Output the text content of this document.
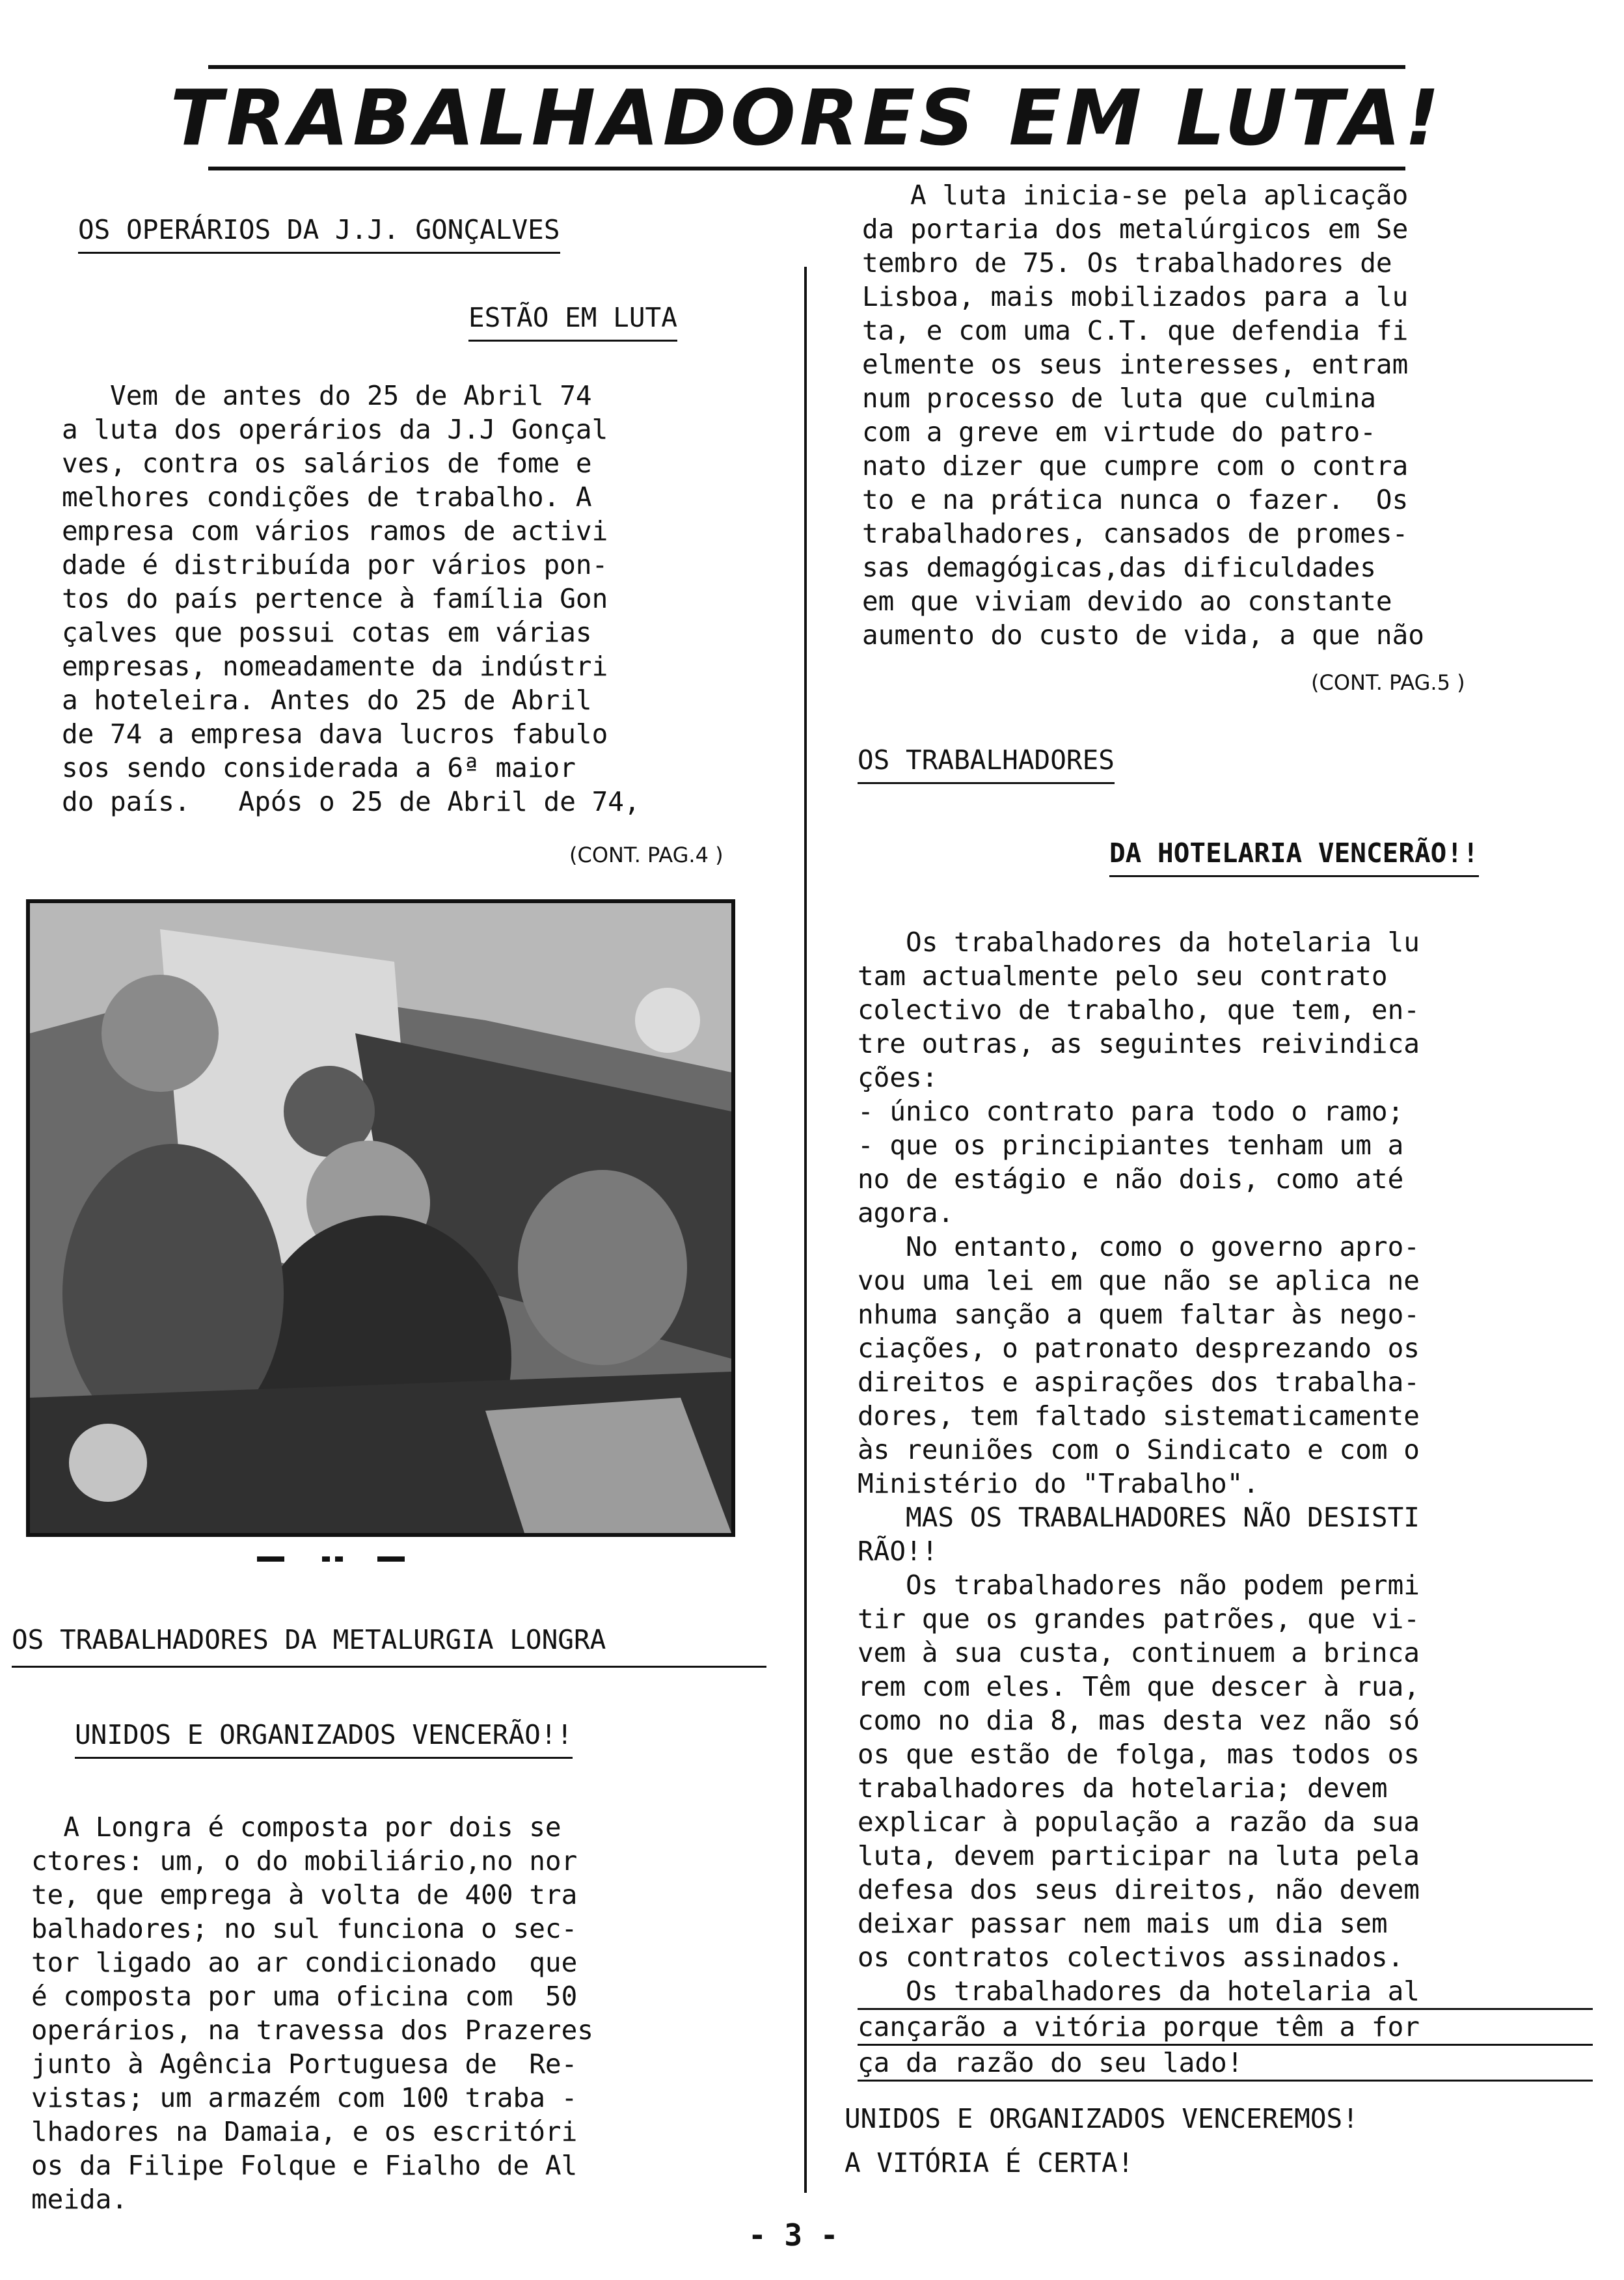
TRABALHADORES EM LUTA!
OS OPERÁRIOS DA J.J. GONÇALVES
ESTÃO EM LUTA

Vem de antes do 25 de Abril 74
a luta dos operários da J.J Gonçal
ves, contra os salários de fome e
melhores condições de trabalho. A
empresa com vários ramos de activi
dade é distribuída por vários pon-
tos do país pertence à família Gon
çalves que possui cotas em várias
empresas, nomeadamente da indústri
a hoteleira. Antes do 25 de Abril
de 74 a empresa dava lucros fabulo
sos sendo considerada a 6ª maior
do país.   Após o 25 de Abril de 74,

(CONT. PAG.4 )
OS TRABALHADORES DA METALURGIA LONGRA
UNIDOS E ORGANIZADOS VENCERÃO!!

A Longra é composta por dois se
ctores: um, o do mobiliário,no nor
te, que emprega à volta de 400 tra
balhadores; no sul funciona o sec-
tor ligado ao ar condicionado  que
é composta por uma oficina com  50
operários, na travessa dos Prazeres
junto à Agência Portuguesa de  Re-
vistas; um armazém com 100 traba -
lhadores na Damaia, e os escritóri
os da Filipe Folque e Fialho de Al
meida.

A luta inicia-se pela aplicação
da portaria dos metalúrgicos em Se
tembro de 75. Os trabalhadores de
Lisboa, mais mobilizados para a lu
ta, e com uma C.T. que defendia fi
elmente os seus interesses, entram
num processo de luta que culmina
com a greve em virtude do patro-
nato dizer que cumpre com o contra
to e na prática nunca o fazer.  Os
trabalhadores, cansados de promes-
sas demagógicas,das dificuldades
em que viviam devido ao constante
aumento do custo de vida, a que não

(CONT. PAG.5 )
OS TRABALHADORES
DA HOTELARIA VENCERÃO!!

Os trabalhadores da hotelaria lu
tam actualmente pelo seu contrato
colectivo de trabalho, que tem, en-
tre outras, as seguintes reivindica
ções:
- único contrato para todo o ramo;
- que os principiantes tenham um a
no de estágio e não dois, como até
agora.
No entanto, como o governo apro-
vou uma lei em que não se aplica ne
nhuma sanção a quem faltar às nego-
ciações, o patronato desprezando os
direitos e aspirações dos trabalha-
dores, tem faltado sistematicamente
às reuniões com o Sindicato e com o
Ministério do "Trabalho".
MAS OS TRABALHADORES NÃO DESISTI
RÃO!!
Os trabalhadores não podem permi
tir que os grandes patrões, que vi-
vem à sua custa, continuem a brinca
rem com eles. Têm que descer à rua,
como no dia 8, mas desta vez não só
os que estão de folga, mas todos os
trabalhadores da hotelaria; devem
explicar à população a razão da sua
luta, devem participar na luta pela
defesa dos seus direitos, não devem
deixar passar nem mais um dia sem
os contratos colectivos assinados.
Os trabalhadores da hotelaria al
cançarão a vitória porque têm a for
ça da razão do seu lado!

UNIDOS E ORGANIZADOS VENCEREMOS!
A VITÓRIA É CERTA!
- 3 -
